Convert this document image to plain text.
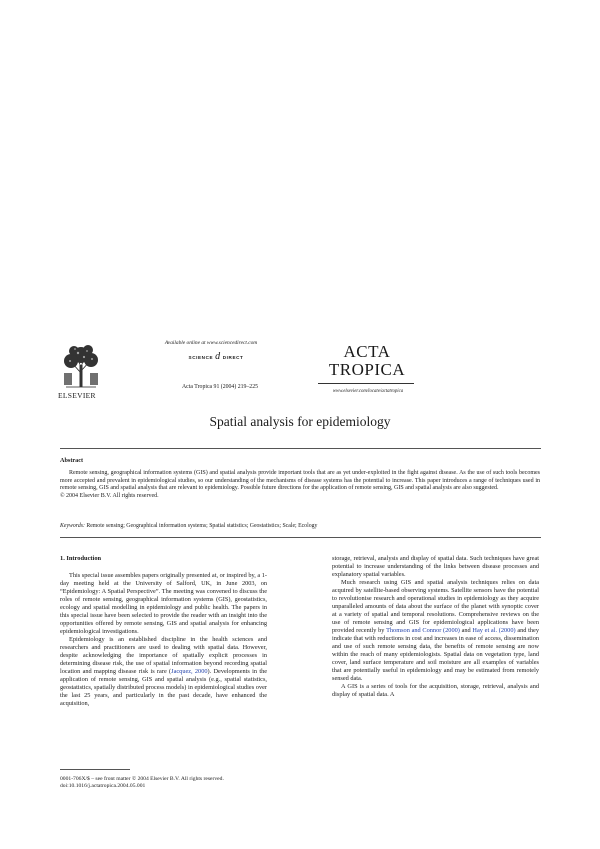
ELSEVIER
Available online at www.sciencedirect.com
SCIENCE d DIRECT
Acta Tropica 91 (2004) 219–225
ACTA
TROPICA
www.elsevier.com/locate/actatropica
Spatial analysis for epidemiology
Abstract

Remote sensing, geographical information systems (GIS) and spatial analysis provide important tools that are as yet under-exploited in the fight against disease. As the use of such tools becomes more accepted and prevalent in epidemiological studies, so our understanding of the mechanisms of disease systems has the potential to increase. This paper introduces a range of techniques used in remote sensing, GIS and spatial analysis that are relevant to epidemiology. Possible future directions for the application of remote sensing, GIS and spatial analysis are also suggested.

© 2004 Elsevier B.V. All rights reserved.

Keywords: Remote sensing; Geographical information systems; Spatial statistics; Geostatistics; Scale; Ecology
1. Introduction

This special issue assembles papers originally presented at, or inspired by, a 1-day meeting held at the University of Salford, UK, in June 2003, on “Epidemiology: A Spatial Perspective”. The meeting was convened to discuss the roles of remote sensing, geographical information systems (GIS), geostatistics, ecology and spatial modelling in epidemiology and public health. The papers in this special issue have been selected to provide the reader with an insight into the opportunities offered by remote sensing, GIS and spatial analysis for enhancing epidemiological investigations.

Epidemiology is an established discipline in the health sciences and researchers and practitioners are used to dealing with spatial data. However, despite acknowledging the importance of spatially explicit processes in determining disease risk, the use of spatial information beyond recording spatial location and mapping disease risk is rare (Jacquez, 2000). Developments in the application of remote sensing, GIS and spatial analysis (e.g., spatial statistics, geostatistics, spatially distributed process models) in epidemiological studies over the last 25 years, and particularly in the past decade, have enhanced the acquisition,

storage, retrieval, analysis and display of spatial data. Such techniques have great potential to increase understanding of the links between disease processes and explanatory spatial variables.

Much research using GIS and spatial analysis techniques relies on data acquired by satellite-based observing systems. Satellite sensors have the potential to revolutionise research and operational studies in epidemiology as they acquire unparalleled amounts of data about the surface of the planet with synoptic cover at a variety of spatial and temporal resolutions. Comprehensive reviews on the use of remote sensing and GIS for epidemiological applications have been provided recently by Thomson and Connor (2000) and Hay et al. (2000) and they indicate that with reductions in cost and increases in ease of access, dissemination and use of such remote sensing data, the benefits of remote sensing are now within the reach of many epidemiologists. Spatial data on vegetation type, land cover, land surface temperature and soil moisture are all examples of variables that are potentially useful in epidemiology and may be estimated from remotely sensed data.

A GIS is a series of tools for the acquisition, storage, retrieval, analysis and display of spatial data. A

0001-706X/$ – see front matter © 2004 Elsevier B.V. All rights reserved.
doi:10.1016/j.actatropica.2004.05.001
